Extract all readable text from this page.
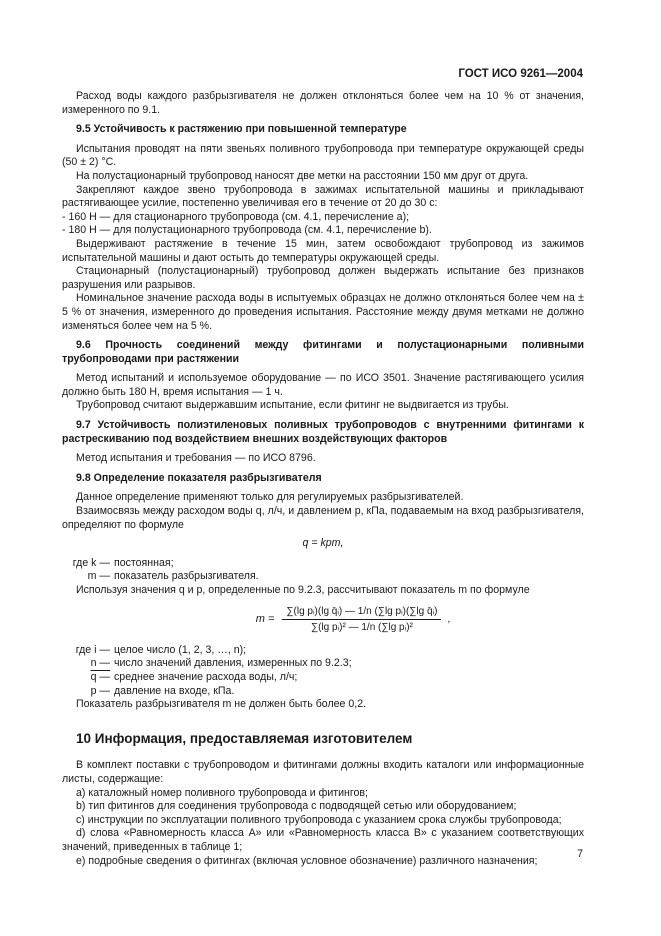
ГОСТ ИСО 9261—2004

Расход воды каждого разбрызгивателя не должен отклоняться более чем на 10 % от значения, измеренного по 9.1.

9.5 Устойчивость к растяжению при повышенной температуре

Испытания проводят на пяти звеньях поливного трубопровода при температуре окружающей среды (50 ± 2) °С.

На полустационарный трубопровод наносят две метки на расстоянии 150 мм друг от друга.

Закрепляют каждое звено трубопровода в зажимах испытательной машины и прикладывают растягивающее усилие, постепенно увеличивая его в течение от 20 до 30 с:

- 160 Н — для стационарного трубопровода (см. 4.1, перечисление а);

- 180 Н — для полустационарного трубопровода (см. 4.1, перечисление b).

Выдерживают растяжение в течение 15 мин, затем освобождают трубопровод из зажимов испытательной машины и дают остыть до температуры окружающей среды.

Стационарный (полустационарный) трубопровод должен выдержать испытание без признаков разрушения или разрывов.

Номинальное значение расхода воды в испытуемых образцах не должно отклоняться более чем на ± 5 % от значения, измеренного до проведения испытания. Расстояние между двумя метками не должно изменяться более чем на 5 %.

9.6 Прочность соединений между фитингами и полустационарными поливными трубопроводами при растяжении

Метод испытаний и используемое оборудование — по ИСО 3501. Значение растягивающего усилия должно быть 180 Н, время испытания — 1 ч.

Трубопровод считают выдержавшим испытание, если фитинг не выдвигается из трубы.

9.7 Устойчивость полиэтиленовых поливных трубопроводов с внутренними фитингами к растрескиванию под воздействием внешних воздействующих факторов

Метод испытания и требования — по ИСО 8796.

9.8 Определение показателя разбрызгивателя

Данное определение применяют только для регулируемых разбрызгивателей.

Взаимосвязь между расходом воды q, л/ч, и давлением p, кПа, подаваемым на вход разбрызгивателя, определяют по формуле

q = kpm,

где k — постоянная;
m — показатель разбрызгивателя.

Используя значения q и p, определенные по 9.2.3, рассчитывают показатель m по формуле

$m = \frac{\text{∑(lg pᵢ)(lg q̄ᵢ) — 1/n (∑lg pᵢ)(∑lg q̄ᵢ)}}{\text{∑(lg pᵢ)² — 1/n (∑lg pᵢ)²}}$ ,
где i — целое число (1, 2, 3, …, n);
n — число значений давления, измеренных по 9.2.3;
q — среднее значение расхода воды, л/ч;
p — давление на входе, кПа.

Показатель разбрызгивателя m не должен быть более 0,2.

10 Информация, предоставляемая изготовителем

В комплект поставки с трубопроводом и фитингами должны входить каталоги или информационные листы, содержащие:

а) каталожный номер поливного трубопровода и фитингов;

b) тип фитингов для соединения трубопровода с подводящей сетью или оборудованием;

с) инструкции по эксплуатации поливного трубопровода с указанием срока службы трубопровода;

d) слова «Равномерность класса А» или «Равномерность класса В» с указанием соответствующих значений, приведенных в таблице 1;

е) подробные сведения о фитингах (включая условное обозначение) различного назначения;

7
